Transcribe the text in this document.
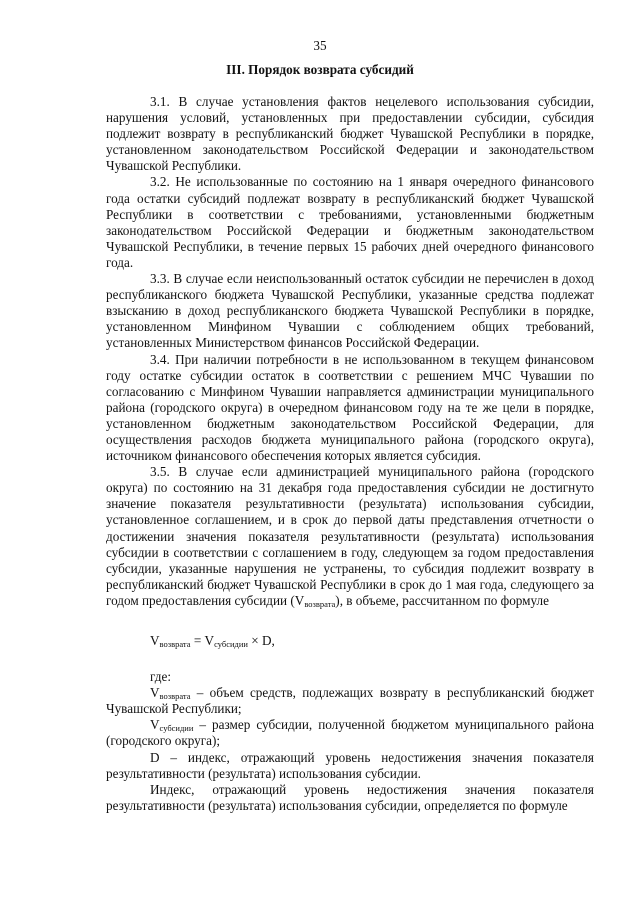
35
III. Порядок возврата субсидий

3.1. В случае установления фактов нецелевого использования субсидии, нарушения условий, установленных при предоставлении субсидии, субсидия подлежит возврату в республиканский бюджет Чувашской Республики в порядке, установленном законодательством Российской Федерации и законодательством Чувашской Республики.

3.2. Не использованные по состоянию на 1 января очередного финансового года остатки субсидий подлежат возврату в республиканский бюджет Чувашской Республики в соответствии с требованиями, установленными бюджетным законодательством Российской Федерации и бюджетным законодательством Чувашской Республики, в течение первых 15 рабочих дней очередного финансового года.

3.3. В случае если неиспользованный остаток субсидии не перечислен в доход республиканского бюджета Чувашской Республики, указанные средства подлежат взысканию в доход республиканского бюджета Чувашской Республики в порядке, установленном Минфином Чувашии с соблюдением общих требований, установленных Министерством финансов Российской Федерации.

3.4. При наличии потребности в не использованном в текущем финансовом году остатке субсидии остаток в соответствии с решением МЧС Чувашии по согласованию с Минфином Чувашии направляется администрации муниципального района (городского округа) в очередном финансовом году на те же цели в порядке, установленном бюджетным законодательством Российской Федерации, для осуществления расходов бюджета муниципального района (городского округа), источником финансового обеспечения которых является субсидия.

3.5. В случае если администрацией муниципального района (городского округа) по состоянию на 31 декабря года предоставления субсидии не достигнуто значение показателя результативности (результата) использования субсидии, установленное соглашением, и в срок до первой даты представления отчетности о достижении значения показателя результативности (результата) использования субсидии в соответствии с соглашением в году, следующем за годом предоставления субсидии, указанные нарушения не устранены, то субсидия подлежит возврату в республиканский бюджет Чувашской Республики в срок до 1 мая года, следующего за годом предоставления субсидии $(V_{возврата})$, в объеме, рассчитанном по формуле

$V_{возврата} = V_{субсидии} \times D$,

где:

$V_{возврата}$ – объем средств, подлежащих возврату в республиканский бюджет Чувашской Республики;

$V_{субсидии}$ – размер субсидии, полученной бюджетом муниципального района (городского округа);

D – индекс, отражающий уровень недостижения значения показателя результативности (результата) использования субсидии.

Индекс, отражающий уровень недостижения значения показателя результативности (результата) использования субсидии, определяется по формуле
